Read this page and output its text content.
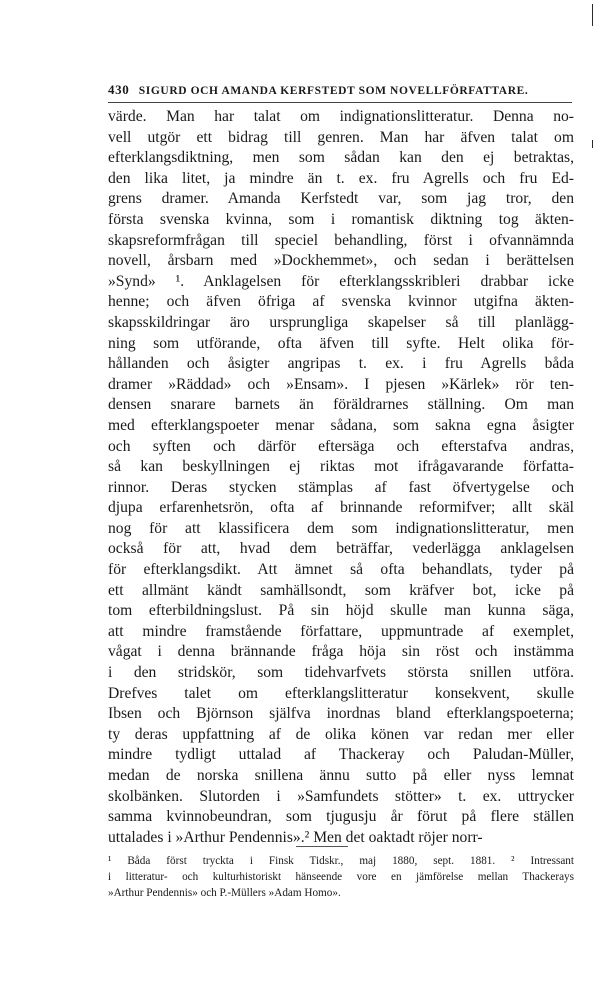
430 SIGURD OCH AMANDA KERFSTEDT SOM NOVELLFÖRFATTARE.
värde. Man har talat om indignationslitteratur. Denna no-
vell utgör ett bidrag till genren. Man har äfven talat om
efterklangsdiktning, men som sådan kan den ej betraktas,
den lika litet, ja mindre än t. ex. fru Agrells och fru Ed-
grens dramer. Amanda Kerfstedt var, som jag tror, den
första svenska kvinna, som i romantisk diktning tog äkten-
skapsreformfrågan till speciel behandling, först i ofvannämnda
novell, årsbarn med »Dockhemmet», och sedan i berättelsen
»Synd» ¹. Anklagelsen för efterklangsskribleri drabbar icke
henne; och äfven öfriga af svenska kvinnor utgifna äkten-
skapsskildringar äro ursprungliga skapelser så till planlägg-
ning som utförande, ofta äfven till syfte. Helt olika för-
hållanden och åsigter angripas t. ex. i fru Agrells båda
dramer »Räddad» och »Ensam». I pjesen »Kärlek» rör ten-
densen snarare barnets än föräldrarnes ställning. Om man
med efterklangspoeter menar sådana, som sakna egna åsigter
och syften och därför eftersäga och efterstafva andras,
så kan beskyllningen ej riktas mot ifrågavarande författa-
rinnor. Deras stycken stämplas af fast öfvertygelse och
djupa erfarenhetsrön, ofta af brinnande reformifver; allt skäl
nog för att klassificera dem som indignationslitteratur, men
också för att, hvad dem beträffar, vederlägga anklagelsen
för efterklangsdikt. Att ämnet så ofta behandlats, tyder på
ett allmänt kändt samhällsondt, som kräfver bot, icke på
tom efterbildningslust. På sin höjd skulle man kunna säga,
att mindre framstående författare, uppmuntrade af exemplet,
vågat i denna brännande fråga höja sin röst och instämma
i den stridskör, som tidehvarfvets största snillen utföra.
Drefves talet om efterklangslitteratur konsekvent, skulle
Ibsen och Björnson själfva inordnas bland efterklangspoeterna;
ty deras uppfattning af de olika könen var redan mer eller
mindre tydligt uttalad af Thackeray och Paludan-Müller,
medan de norska snillena ännu sutto på eller nyss lemnat
skolbänken. Slutorden i »Samfundets stötter» t. ex. uttrycker
samma kvinnobeundran, som tjugusju år förut på flere ställen
uttalades i »Arthur Pendennis».² Men det oaktadt röjer norr-
¹ Båda först tryckta i Finsk Tidskr., maj 1880, sept. 1881. ² Intressant
i litteratur- och kulturhistoriskt hänseende vore en jämförelse mellan Thackerays
»Arthur Pendennis» och P.-Müllers »Adam Homo».
